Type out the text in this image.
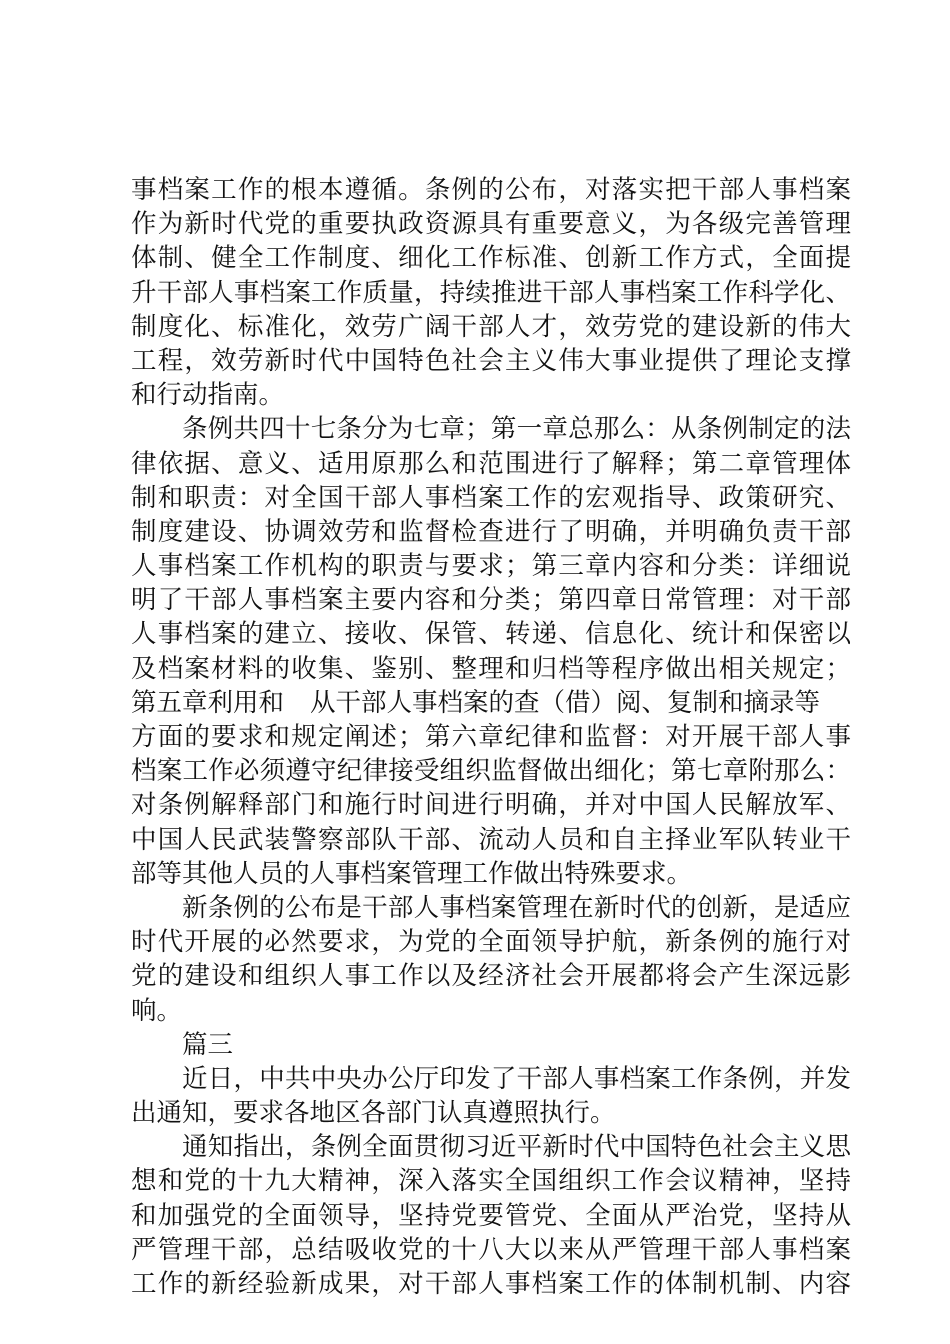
事档案工作的根本遵循。条例的公布，对落实把干部人事档案
作为新时代党的重要执政资源具有重要意义，为各级完善管理
体制、健全工作制度、细化工作标准、创新工作方式，全面提
升干部人事档案工作质量，持续推进干部人事档案工作科学化、
制度化、标准化，效劳广阔干部人才，效劳党的建设新的伟大
工程，效劳新时代中国特色社会主义伟大事业提供了理论支撑
和行动指南。
条例共四十七条分为七章；第一章总那么：从条例制定的法
律依据、意义、适用原那么和范围进行了解释；第二章管理体
制和职责：对全国干部人事档案工作的宏观指导、政策研究、
制度建设、协调效劳和监督检查进行了明确，并明确负责干部
人事档案工作机构的职责与要求；第三章内容和分类：详细说
明了干部人事档案主要内容和分类；第四章日常管理：对干部
人事档案的建立、接收、保管、转递、信息化、统计和保密以
及档案材料的收集、鉴别、整理和归档等程序做出相关规定；
第五章利用和 从干部人事档案的查（借）阅、复制和摘录等
方面的要求和规定阐述；第六章纪律和监督：对开展干部人事
档案工作必须遵守纪律接受组织监督做出细化；第七章附那么：
对条例解释部门和施行时间进行明确，并对中国人民解放军、
中国人民武装警察部队干部、流动人员和自主择业军队转业干
部等其他人员的人事档案管理工作做出特殊要求。
新条例的公布是干部人事档案管理在新时代的创新，是适应
时代开展的必然要求，为党的全面领导护航，新条例的施行对
党的建设和组织人事工作以及经济社会开展都将会产生深远影
响。
篇三
近日，中共中央办公厅印发了干部人事档案工作条例，并发
出通知，要求各地区各部门认真遵照执行。
通知指出，条例全面贯彻习近平新时代中国特色社会主义思
想和党的十九大精神，深入落实全国组织工作会议精神，坚持
和加强党的全面领导，坚持党要管党、全面从严治党，坚持从
严管理干部，总结吸收党的十八大以来从严管理干部人事档案
工作的新经验新成果，对干部人事档案工作的体制机制、内容
